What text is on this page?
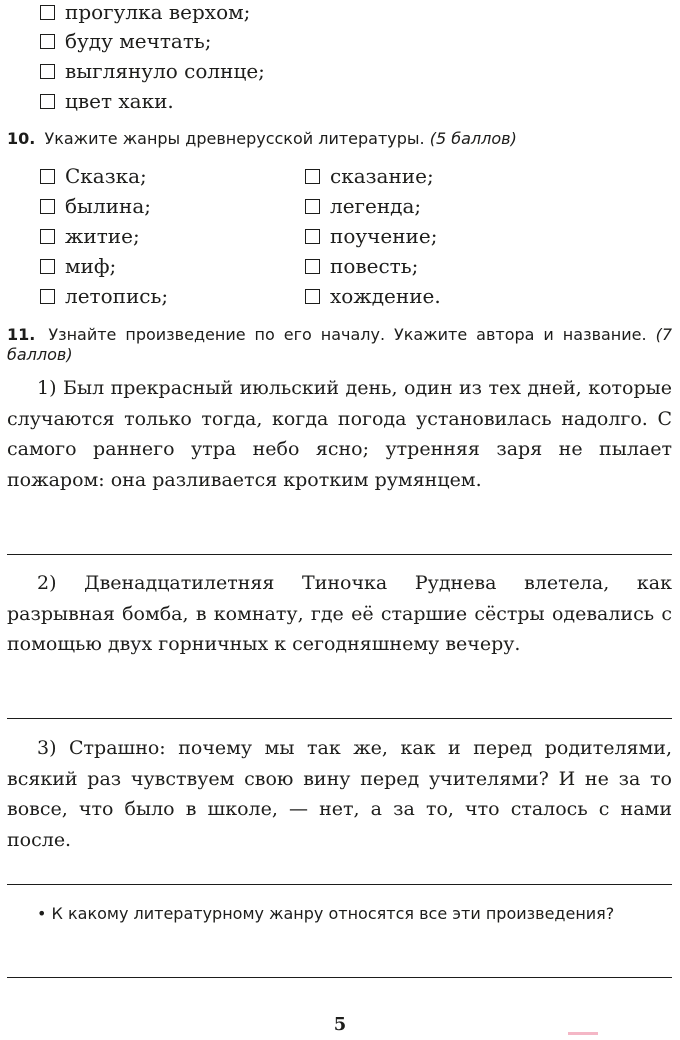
прогулка верхом;
буду мечтать;
выглянуло солнце;
цвет хаки.
10. Укажите жанры древнерусской литературы. (5 баллов)
Сказка;
былина;
житие;
миф;
летопись;
сказание;
легенда;
поучение;
повесть;
хождение.
11. Узнайте произведение по его началу. Укажите автора и название. (7 баллов)

1) Был прекрасный июльский день, один из тех дней, которые случаются только тогда, когда погода установилась надолго. С самого раннего утра небо ясно; утренняя заря не пылает пожаром: она разливается кротким румянцем.

2) Двенадцатилетняя Тиночка Руднева влетела, как разрывная бомба, в комнату, где её старшие сёстры одевались с помощью двух горничных к сегодняшнему вечеру.

3) Страшно: почему мы так же, как и перед родителями, всякий раз чувствуем свою вину перед учителями? И не за то вовсе, что было в школе, — нет, а за то, что сталось с нами после.

• К какому литературному жанру относятся все эти произведения?
5
